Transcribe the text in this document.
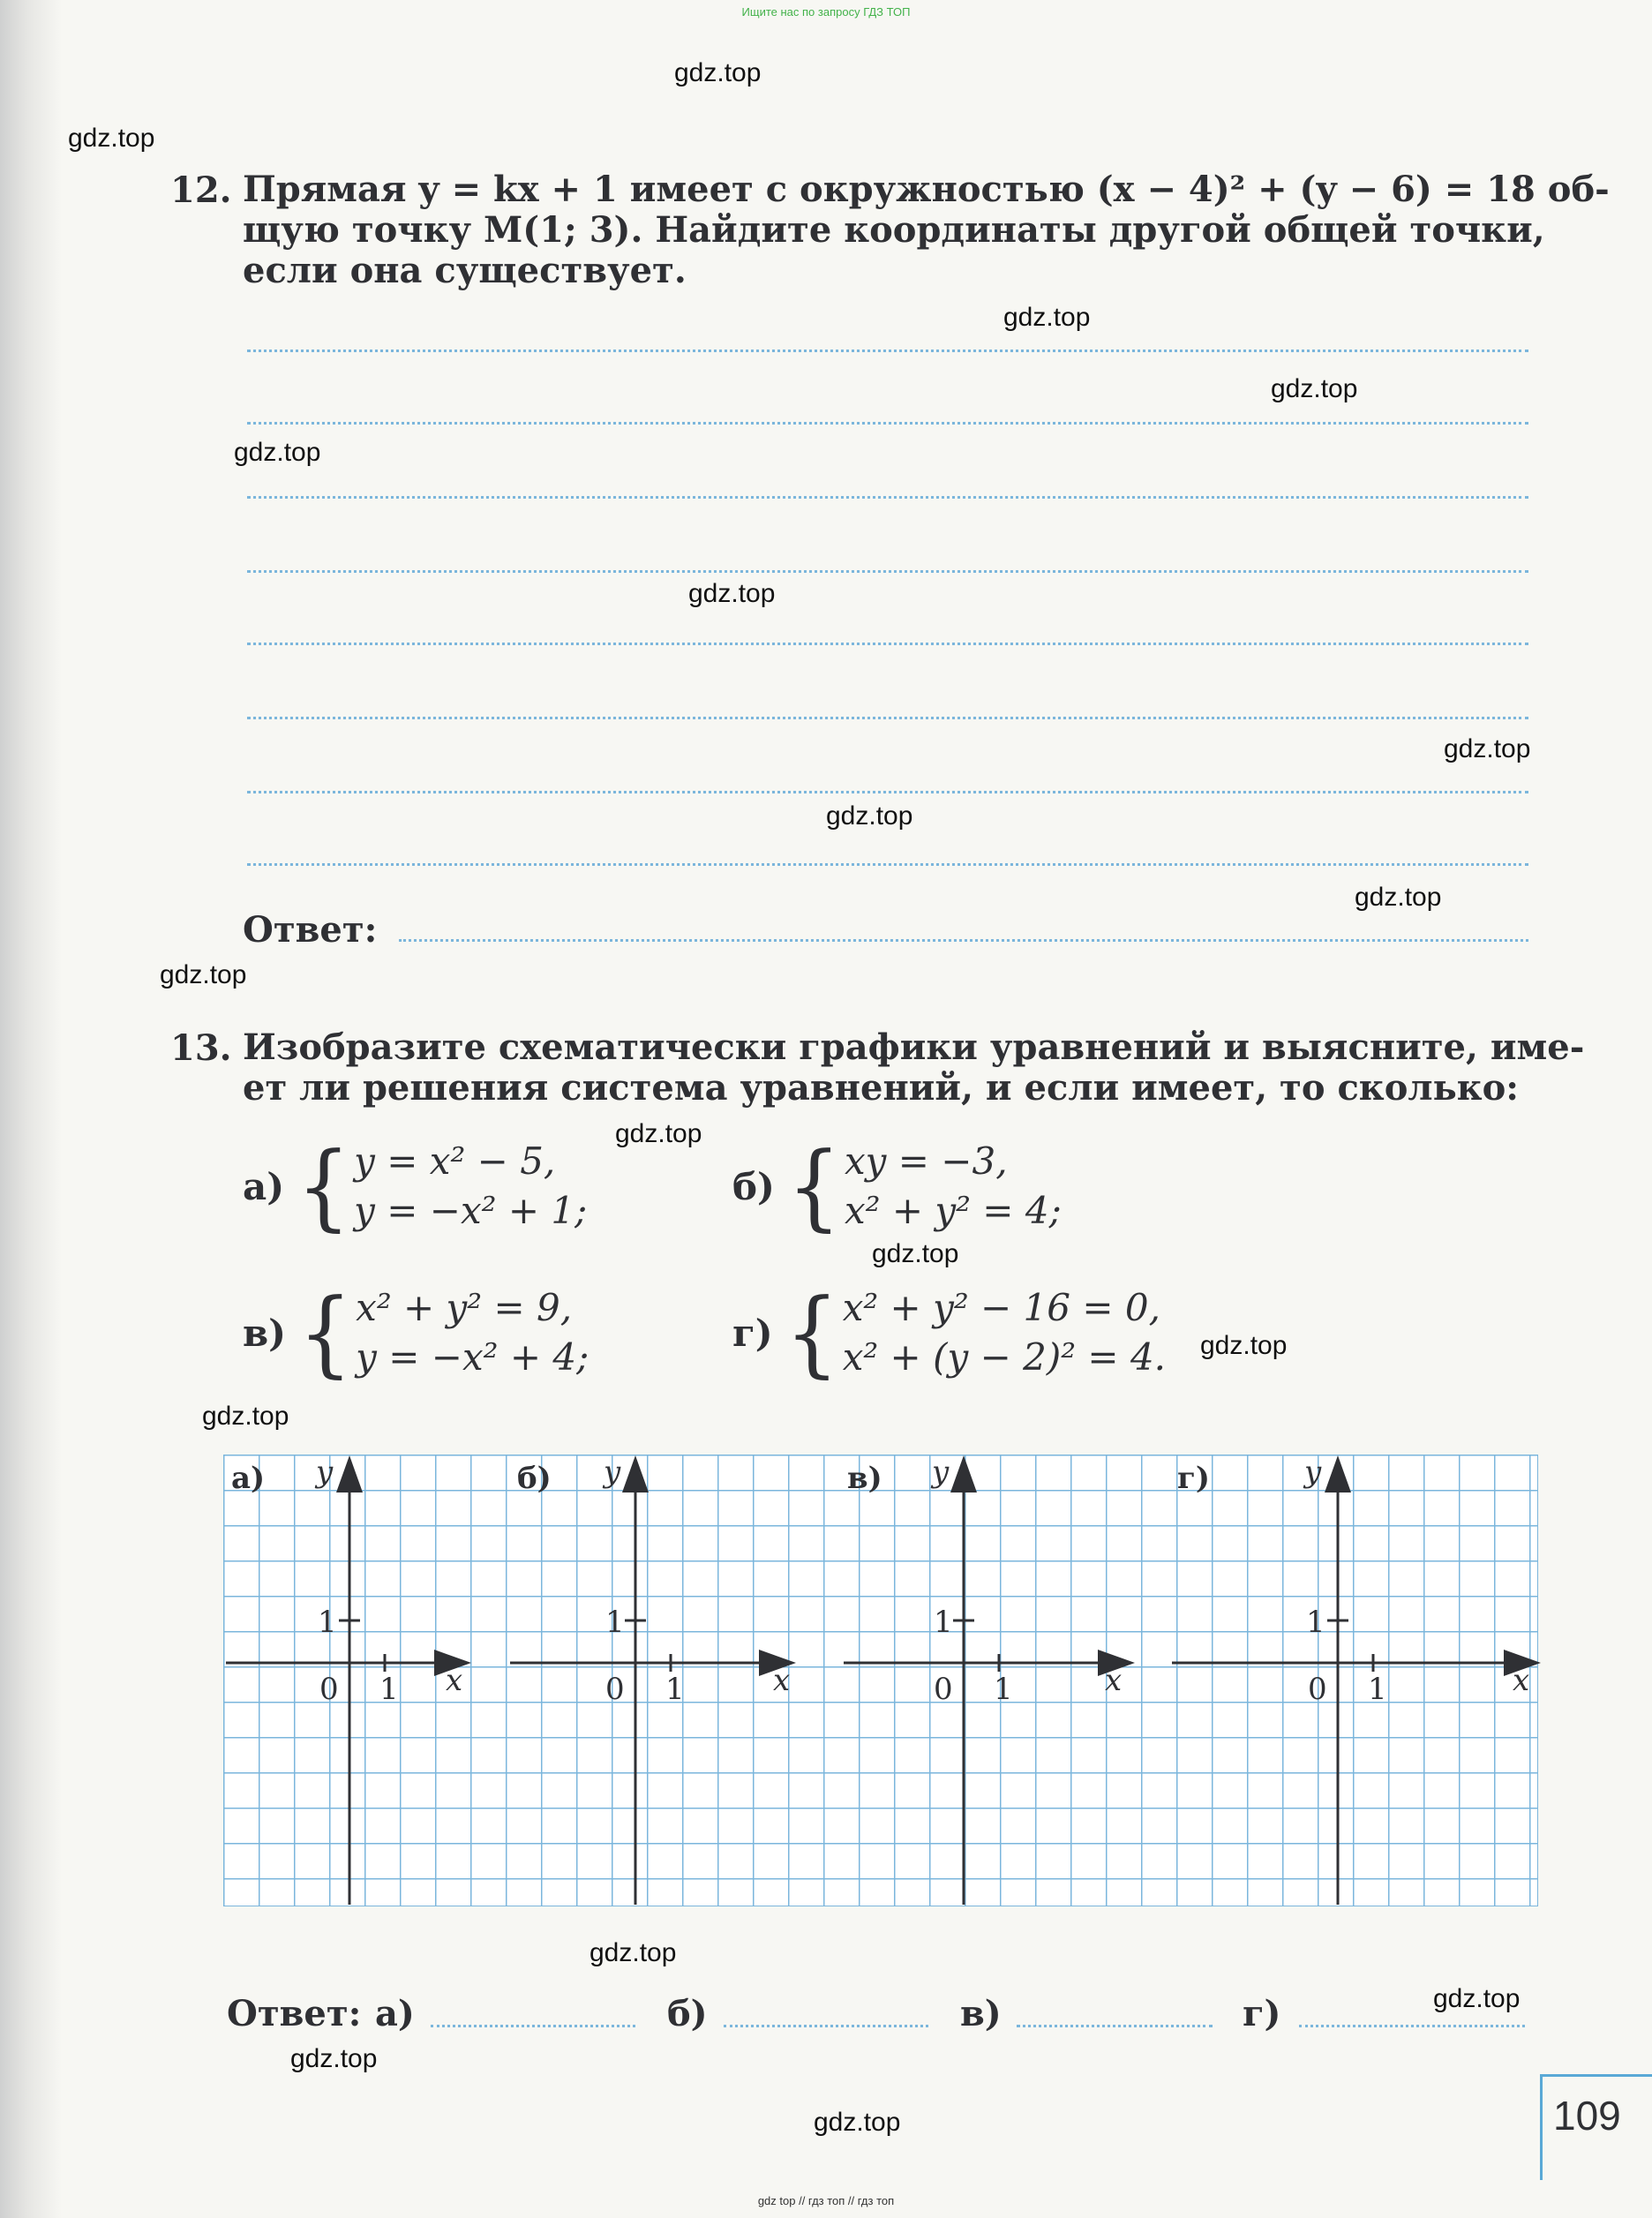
Ищите нас по запросу ГДЗ ТОП
gdz.top
gdz.top
gdz.top
gdz.top
gdz.top
gdz.top
gdz.top
gdz.top
gdz.top
gdz.top
gdz.top
gdz.top
gdz.top
gdz.top
gdz.top
gdz.top
gdz.top
gdz.top
12. Прямая y = kx + 1 имеет с окружностью (x − 4)² + (y − 6) = 18 об-
щую точку M(1; 3). Найдите координаты другой общей точки,
если она существует.
Ответ:
13. Изобразите схематически графики уравнений и выясните, име-
ет ли решения система уравнений, и если имеет, то сколько:
а) { y = x² − 5,
y = −x² + 1;
б) { xy = −3,
x² + y² = 4;
в) { x² + y² = 9,
y = −x² + 4;
г) { x² + y² − 16 = 0,
x² + (y − 2)² = 4.
а) y
1
0 1 x
б) y
1
0 1	x
в) y
1
0 1	x
г)	y
1
0 1	x
Ответ: а)	б)	в)	г)
109
gdz top // гдз топ // гдз топ
